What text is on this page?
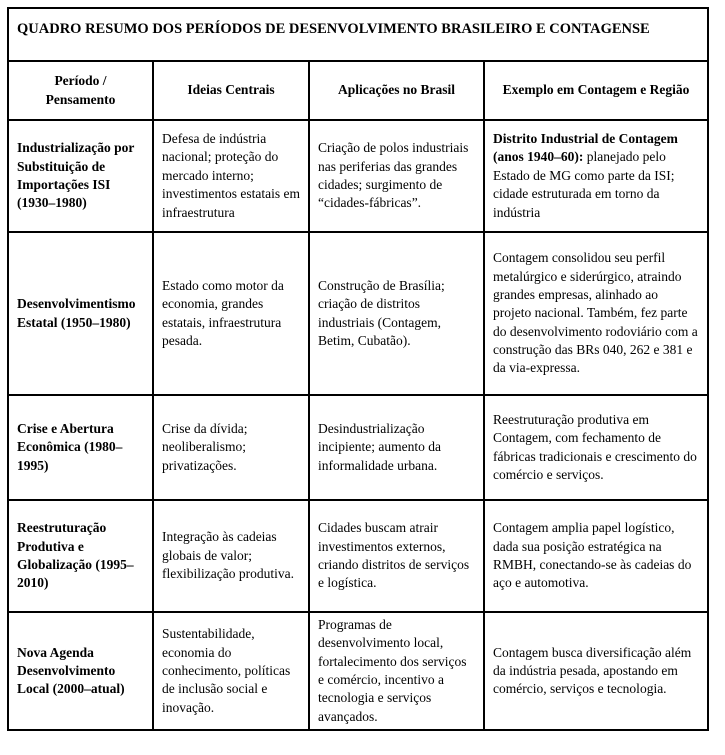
QUADRO RESUMO DOS PERÍODOS DE DESENVOLVIMENTO BRASILEIRO E CONTAGENSE			
Período / Pensamento	Ideias Centrais	Aplicações no Brasil	Exemplo em Contagem e Região
Industrialização por Substituição de Importações ISI (1930–1980)	Defesa de indústria nacional; proteção do mercado interno; investimentos estatais em infraestrutura	Criação de polos industriais nas periferias das grandes cidades; surgimento de “cidades-fábricas”.	Distrito Industrial de Contagem (anos 1940–60): planejado pelo Estado de MG como parte da ISI; cidade estruturada em torno da indústria
Desenvolvimentismo Estatal (1950–1980)	Estado como motor da economia, grandes estatais, infraestrutura pesada.	Construção de Brasília; criação de distritos industriais (Contagem, Betim, Cubatão).	Contagem consolidou seu perfil metalúrgico e siderúrgico, atraindo grandes empresas, alinhado ao projeto nacional. Também, fez parte do desenvolvimento rodoviário com a construção das BRs 040, 262 e 381 e da via-expressa.
Crise e Abertura Econômica (1980–1995)	Crise da dívida; neoliberalismo; privatizações.	Desindustrialização incipiente; aumento da informalidade urbana.	Reestruturação produtiva em Contagem, com fechamento de fábricas tradicionais e crescimento do comércio e serviços.
Reestruturação Produtiva e Globalização (1995–2010)	Integração às cadeias globais de valor; flexibilização produtiva.	Cidades buscam atrair investimentos externos, criando distritos de serviços e logística.	Contagem amplia papel logístico, dada sua posição estratégica na RMBH, conectando-se às cadeias do aço e automotiva.
Nova Agenda Desenvolvimento Local (2000–atual)	Sustentabilidade, economia do conhecimento, políticas de inclusão social e inovação.	Programas de desenvolvimento local, fortalecimento dos serviços e comércio, incentivo a tecnologia e serviços avançados.	Contagem busca diversificação além da indústria pesada, apostando em comércio, serviços e tecnologia.
